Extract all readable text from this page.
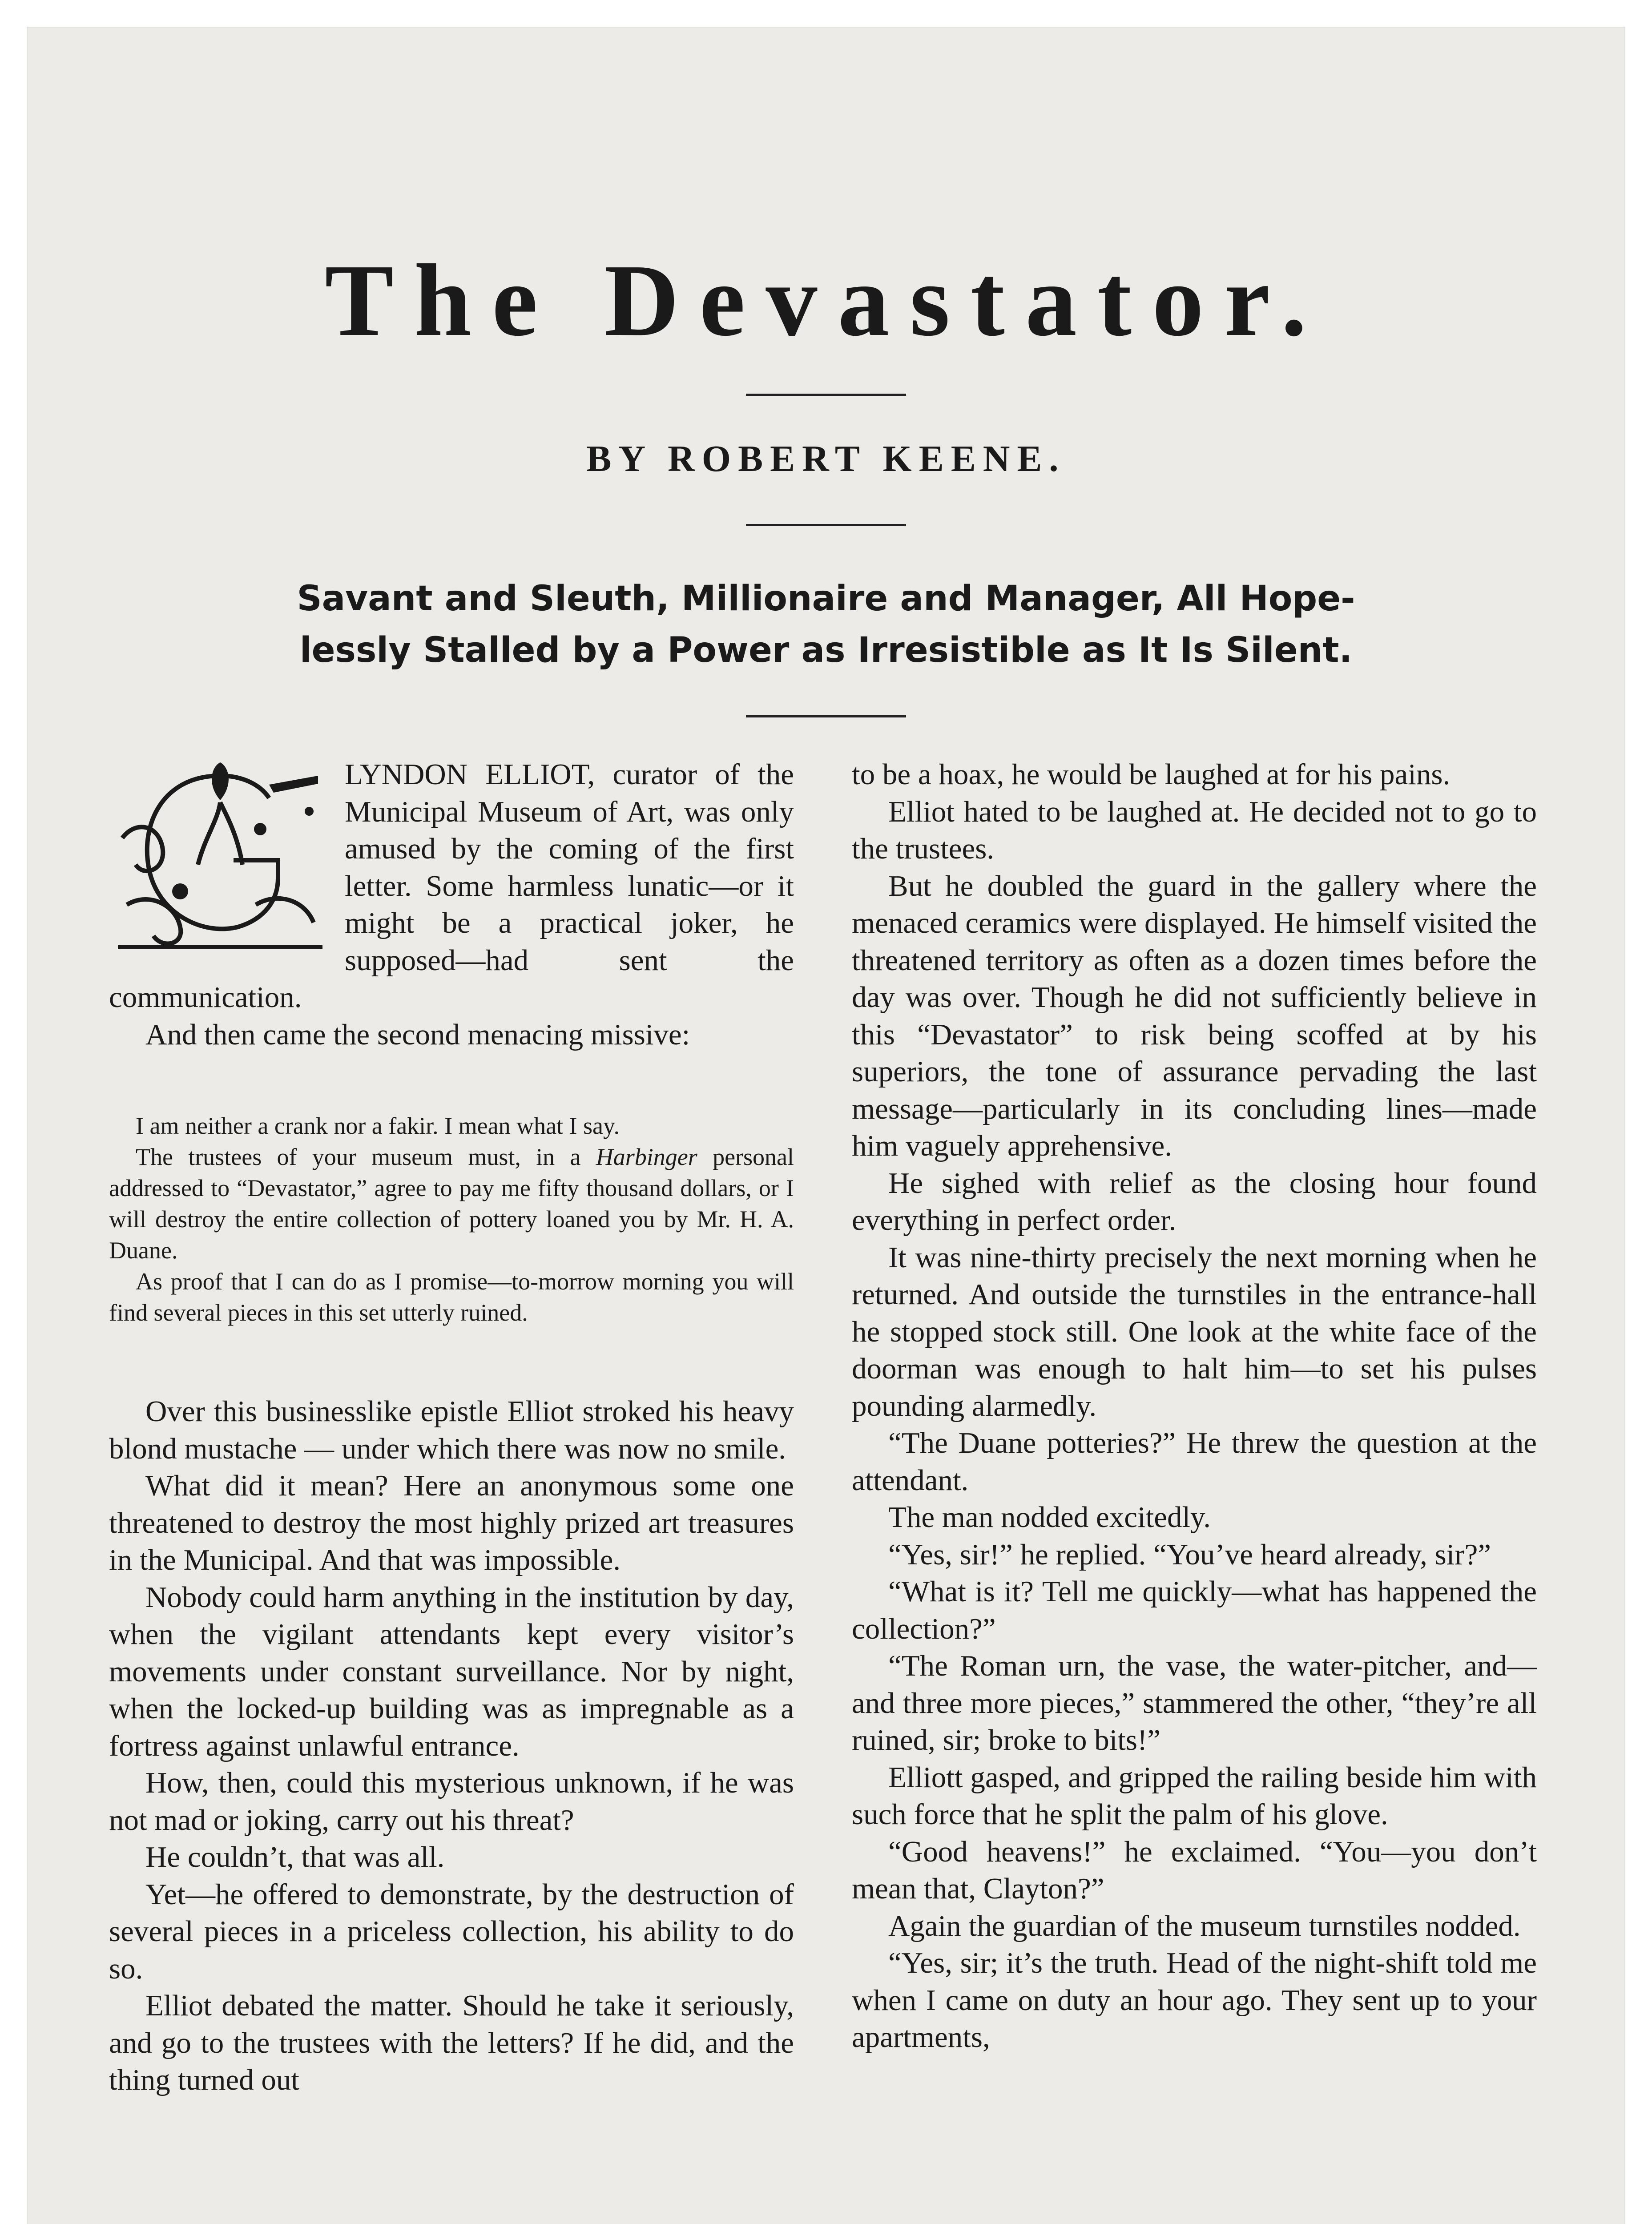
The Devastator.
BY ROBERT KEENE.
Savant and Sleuth, Millionaire and Manager, All Hope-lessly Stalled by a Power as Irresistible as It Is Silent.

LYNDON ELLIOT, curator of the Municipal Museum of Art, was only amused by the coming of the first letter. Some harmless lunatic—or it might be a practical joker, he supposed—had sent the communication.

And then came the second menacing missive:

I am neither a crank nor a fakir. I mean what I say.

The trustees of your museum must, in a Harbinger personal addressed to “Devastator,” agree to pay me fifty thousand dollars, or I will destroy the entire collection of pottery loaned you by Mr. H. A. Duane.

As proof that I can do as I promise—to-morrow morning you will find several pieces in this set utterly ruined.

Over this businesslike epistle Elliot stroked his heavy blond mustache — under which there was now no smile.

What did it mean? Here an anonymous some one threatened to destroy the most highly prized art treasures in the Municipal. And that was impossible.

Nobody could harm anything in the institution by day, when the vigilant attendants kept every visitor’s movements under constant surveillance. Nor by night, when the locked-up building was as impregnable as a fortress against unlawful entrance.

How, then, could this mysterious unknown, if he was not mad or joking, carry out his threat?

He couldn’t, that was all.

Yet—he offered to demonstrate, by the destruction of several pieces in a priceless collection, his ability to do so.

Elliot debated the matter. Should he take it seriously, and go to the trustees with the letters? If he did, and the thing turned out

to be a hoax, he would be laughed at for his pains.

Elliot hated to be laughed at. He decided not to go to the trustees.

But he doubled the guard in the gallery where the menaced ceramics were displayed. He himself visited the threatened territory as often as a dozen times before the day was over. Though he did not sufficiently believe in this “Devastator” to risk being scoffed at by his superiors, the tone of assurance pervading the last message—particularly in its concluding lines—made him vaguely apprehensive.

He sighed with relief as the closing hour found everything in perfect order.

It was nine-thirty precisely the next morning when he returned. And outside the turnstiles in the entrance-hall he stopped stock still. One look at the white face of the doorman was enough to halt him—to set his pulses pounding alarmedly.

“The Duane potteries?” He threw the question at the attendant.

The man nodded excitedly.

“Yes, sir!” he replied. “You’ve heard already, sir?”

“What is it? Tell me quickly—what has happened the collection?”

“The Roman urn, the vase, the water-pitcher, and—and three more pieces,” stammered the other, “they’re all ruined, sir; broke to bits!”

Elliott gasped, and gripped the railing beside him with such force that he split the palm of his glove.

“Good heavens!” he exclaimed. “You—you don’t mean that, Clayton?”

Again the guardian of the museum turnstiles nodded.

“Yes, sir; it’s the truth. Head of the night-shift told me when I came on duty an hour ago. They sent up to your apartments,
